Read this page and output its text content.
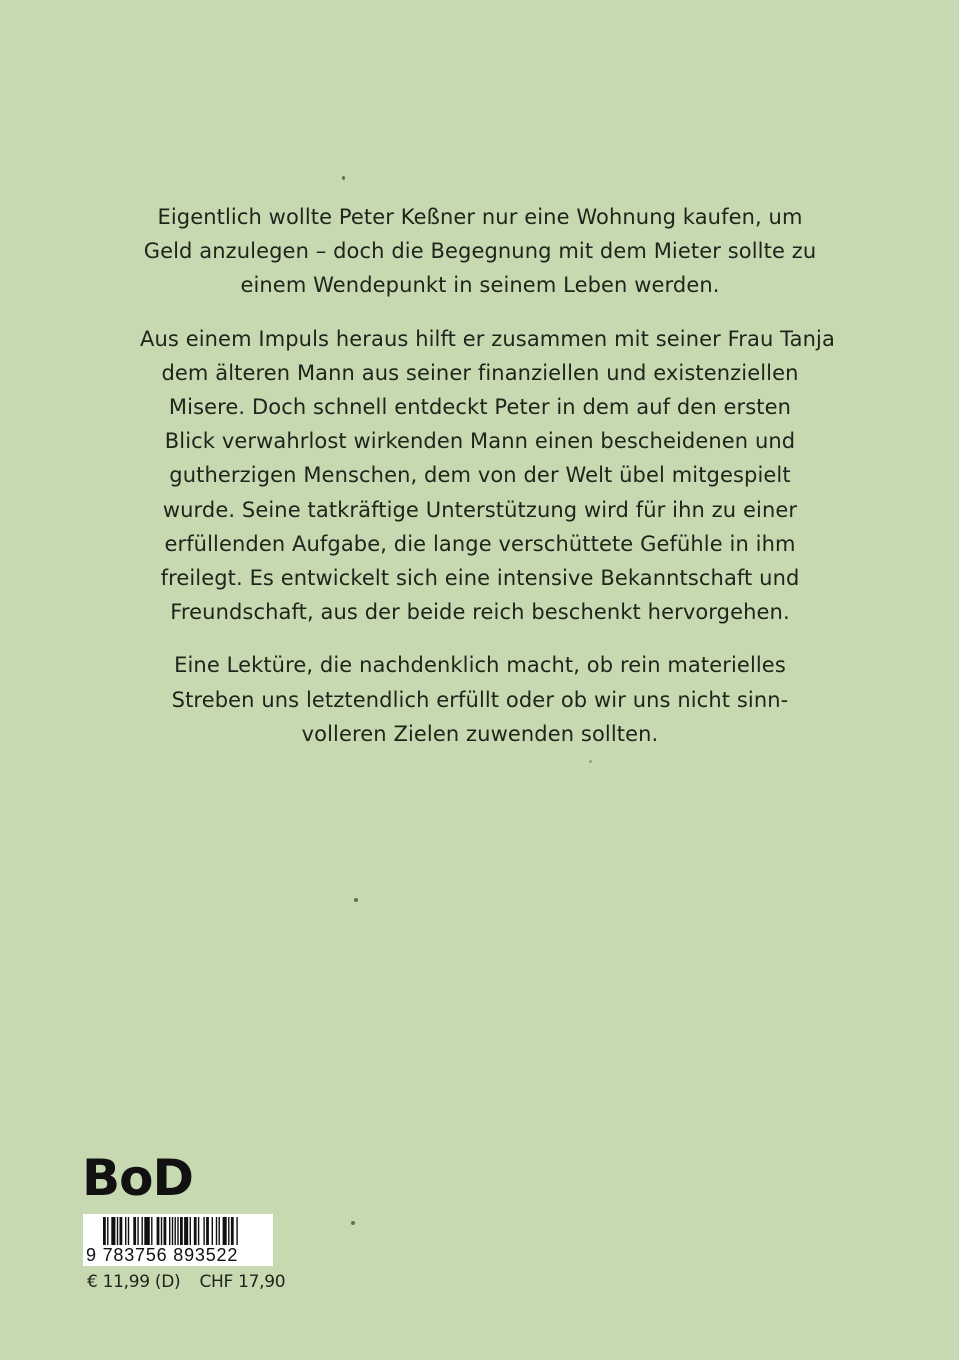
Eigentlich wollte Peter Keßner nur eine Wohnung kaufen, um
Geld anzulegen – doch die Begegnung mit dem Mieter sollte zu
einem Wendepunkt in seinem Leben werden.

Aus einem Impuls heraus hilft er zusammen mit seiner Frau Tanja
dem älteren Mann aus seiner finanziellen und existenziellen
Misere. Doch schnell entdeckt Peter in dem auf den ersten
Blick verwahrlost wirkenden Mann einen bescheidenen und
gutherzigen Menschen, dem von der Welt übel mitgespielt
wurde. Seine tatkräftige Unterstützung wird für ihn zu einer
erfüllenden Aufgabe, die lange verschüttete Gefühle in ihm
freilegt. Es entwickelt sich eine intensive Bekanntschaft und
Freundschaft, aus der beide reich beschenkt hervorgehen.

Eine Lektüre, die nachdenklich macht, ob rein materielles
Streben uns letztendlich erfüllt oder ob wir uns nicht sinn-
volleren Zielen zuwenden sollten.

BoD
9 783756 893522
€ 11,99 (D) CHF 17,90
